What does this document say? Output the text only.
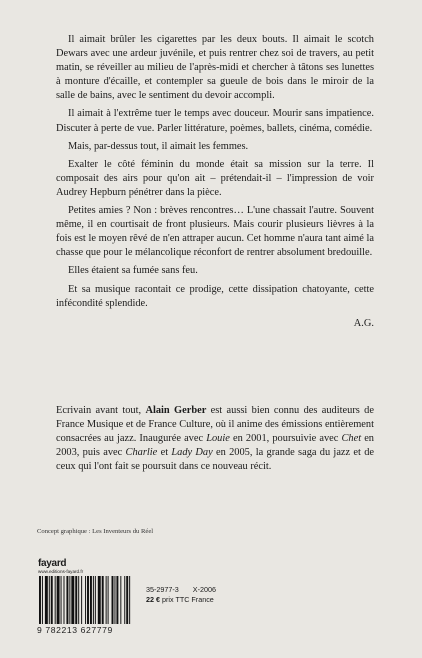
Il aimait brûler les cigarettes par les deux bouts. Il aimait le scotch Dewars avec une ardeur juvénile, et puis rentrer chez soi de travers, au petit matin, se réveiller au milieu de l'après-midi et chercher à tâtons ses lunettes à monture d'écaille, et contempler sa gueule de bois dans le miroir de la salle de bains, avec le sentiment du devoir accompli.

Il aimait à l'extrême tuer le temps avec douceur. Mourir sans impatience. Discuter à perte de vue. Parler littérature, poèmes, ballets, cinéma, comédie.

Mais, par-dessus tout, il aimait les femmes.

Exalter le côté féminin du monde était sa mission sur la terre. Il composait des airs pour qu'on ait – prétendait-il – l'impression de voir Audrey Hepburn pénétrer dans la pièce.

Petites amies ? Non : brèves rencontres… L'une chassait l'autre. Souvent même, il en courtisait de front plusieurs. Mais courir plusieurs lièvres à la fois est le moyen rêvé de n'en attraper aucun. Cet homme n'aura tant aimé la chasse que pour le mélancolique réconfort de rentrer absolument bredouille.

Elles étaient sa fumée sans feu.

Et sa musique racontait ce prodige, cette dissipation chatoyante, cette infécondité splendide.

A.G.

Ecrivain avant tout, Alain Gerber est aussi bien connu des auditeurs de France Musique et de France Culture, où il anime des émissions entièrement consacrées au jazz. Inaugurée avec Louie en 2001, poursuivie avec Chet en 2003, puis avec Charlie et Lady Day en 2005, la grande saga du jazz et de ceux qui l'ont fait se poursuit dans ce nouveau récit.

Concept graphique : Les Inventeurs du Réel
fayard
www.editions-fayard.fr
9 782213 627779
35-2977-3 X-2006
22 € prix TTC France
